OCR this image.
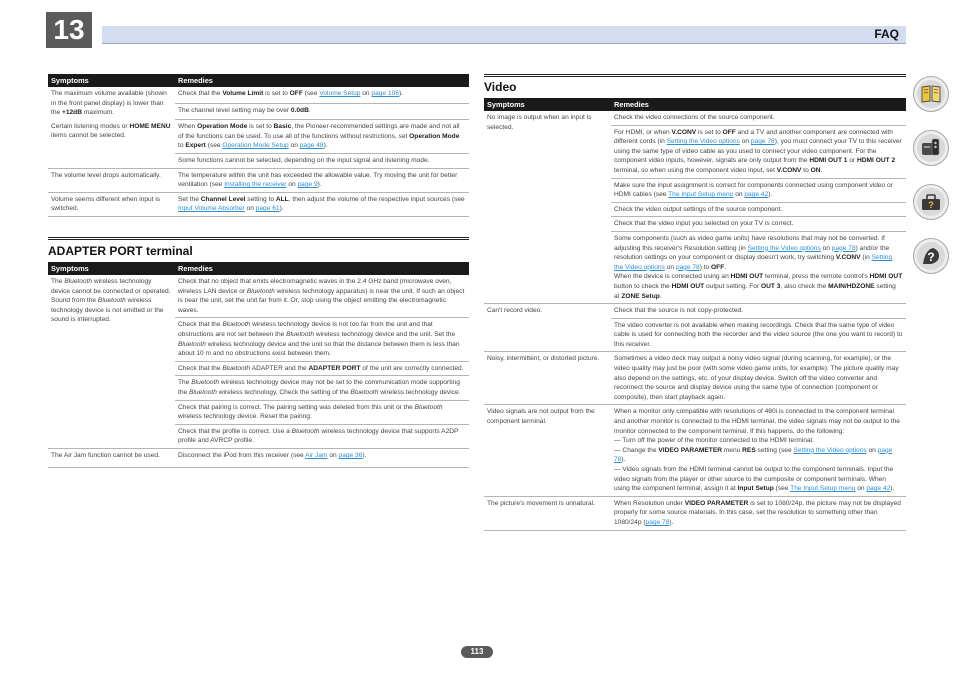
13	FAQ
Symptoms	Remedies
The maximum volume available (shown in the front panel display) is lower than the +12dB maximum.	Check that the Volume Limit is set to OFF (see Volume Setup on page 106).
	The channel level setting may be over 0.0dB.
Certain listening modes or HOME MENU items cannot be selected.	When Operation Mode is set to Basic, the Pioneer-recommended settings are made and not all of the functions can be used. To use all of the functions without restrictions, set Operation Mode to Expert (see Operation Mode Setup on page 48).
	Some functions cannot be selected, depending on the input signal and listening mode.
The volume level drops automatically.	The temperature within the unit has exceeded the allowable value. Try moving the unit for better ventilation (see Installing the receiver on page 9).
Volume seems different when input is switched.	Set the Channel Level setting to ALL, then adjust the volume of the respective input sources (see Input Volume Absorber on page 61).
ADAPTER PORT terminal
Symptoms	Remedies
The Bluetooth wireless technology device cannot be connected or operated. Sound from the Bluetooth wireless technology device is not emitted or the sound is interrupted.	Check that no object that emits electromagnetic waves in the 2.4 GHz band (microwave oven, wireless LAN device or Bluetooth wireless technology apparatus) is near the unit. If such an object is near the unit, set the unit far from it. Or, stop using the object emitting the electromagnetic waves.
	Check that the Bluetooth wireless technology device is not too far from the unit and that obstructions are not set between the Bluetooth wireless technology device and the unit. Set the Bluetooth wireless technology device and the unit so that the distance between them is less than about 10 m and no obstructions exist between them.
	Check that the Bluetooth ADAPTER and the ADAPTER PORT of the unit are correctly connected.
	The Bluetooth wireless technology device may not be set to the communication mode supporting the Bluetooth wireless technology. Check the setting of the Bluetooth wireless technology device.
	Check that pairing is correct. The pairing setting was deleted from this unit or the Bluetooth wireless technology device. Reset the pairing.
	Check that the profile is correct. Use a Bluetooth wireless technology device that supports A2DP profile and AVRCP profile.
The Air Jam function cannot be used.	Disconnect the iPod from this receiver (see Air Jam on page 36).
Video
Symptoms	Remedies
No image is output when an input is selected.	Check the video connections of the source component.
	For HDMI, or when V.CONV is set to OFF and a TV and another component are connected with different cords (in Setting the Video options on page 78), you must connect your TV to this receiver using the same type of video cable as you used to connect your video component. For the component video inputs, however, signals are only output from the HDMI OUT 1 or HDMI OUT 2 terminal, so when using the component video input, set V.CONV to ON.
	Make sure the input assignment is correct for components connected using component video or HDMI cables (see The Input Setup menu on page 42).
	Check the video output settings of the source component.
	Check that the video input you selected on your TV is correct.
	Some components (such as video game units) have resolutions that may not be converted. If adjusting this receiver's Resolution setting (in Setting the Video options on page 78) and/or the resolution settings on your component or display doesn't work, try switching V.CONV (in Setting the Video options on page 78) to OFF.
When the device is connected using an HDMI OUT terminal, press the remote control's HDMI OUT button to check the HDMI OUT output setting. For OUT 3, also check the MAIN/HDZONE setting at ZONE Setup.
Can't record video.	Check that the source is not copy-protected.
	The video converter is not available when making recordings. Check that the same type of video cable is used for connecting both the recorder and the video source (the one you want to record) to this receiver.
Noisy, intermittent, or distorted picture.	Sometimes a video deck may output a noisy video signal (during scanning, for example), or the video quality may just be poor (with some video game units, for example). The picture quality may also depend on the settings, etc. of your display device. Switch off the video converter and reconnect the source and display device using the same type of connection (component or composite), then start playback again.
Video signals are not output from the component terminal.	When a monitor only compatible with resolutions of 480i is connected to the component terminal and another monitor is connected to the HDMI terminal, the video signals may not be output to the monitor connected to the component terminal. If this happens, do the following:
— Turn off the power of the monitor connected to the HDMI terminal.
— Change the VIDEO PARAMETER menu RES setting (see Setting the Video options on page 78).
— Video signals from the HDMI terminal cannot be output to the component terminals. Input the video signals from the player or other source to the composite or component terminals. When using the component terminal, assign it at Input Setup (see The Input Setup menu on page 42).
The picture's movement is unnatural.	When Resolution under VIDEO PARAMETER is set to 1080/24p, the picture may not be displayed properly for some source materials. In this case, set the resolution to something other than 1080/24p (page 78).
113
?
?
